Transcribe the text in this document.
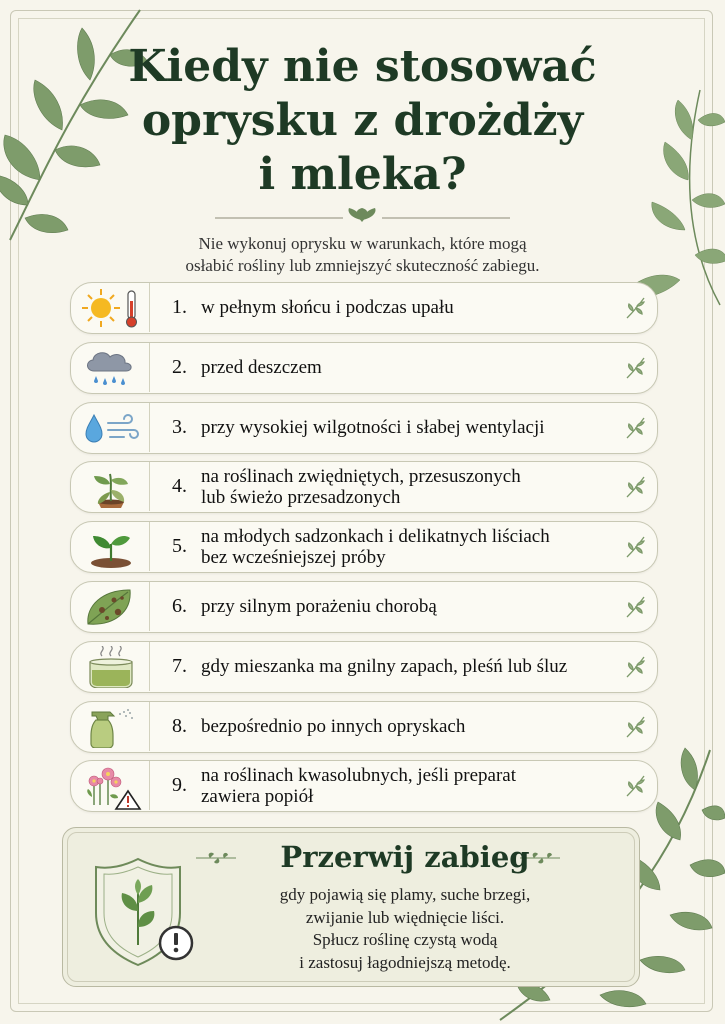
Kiedy nie stosować
oprysku z drożdży
i mleka?
Nie wykonuj oprysku w warunkach, które mogą
osłabić rośliny lub zmniejszyć skuteczność zabiegu.
1. w pełnym słońcu i podczas upału
2. przed deszczem
3. przy wysokiej wilgotności i słabej wentylacji
4. na roślinach zwiędniętych, przesuszonych
lub świeżo przesadzonych
5. na młodych sadzonkach i delikatnych liściach
bez wcześniejszej próby
6. przy silnym porażeniu chorobą
7. gdy mieszanka ma gnilny zapach, pleśń lub śluz
8. bezpośrednio po innych opryskach
9. na roślinach kwasolubnych, jeśli preparat
zawiera popiół
Przerwij zabieg
gdy pojawią się plamy, suche brzegi,
zwijanie lub więdnięcie liści.
Spłucz roślinę czystą wodą
i zastosuj łagodniejszą metodę.
